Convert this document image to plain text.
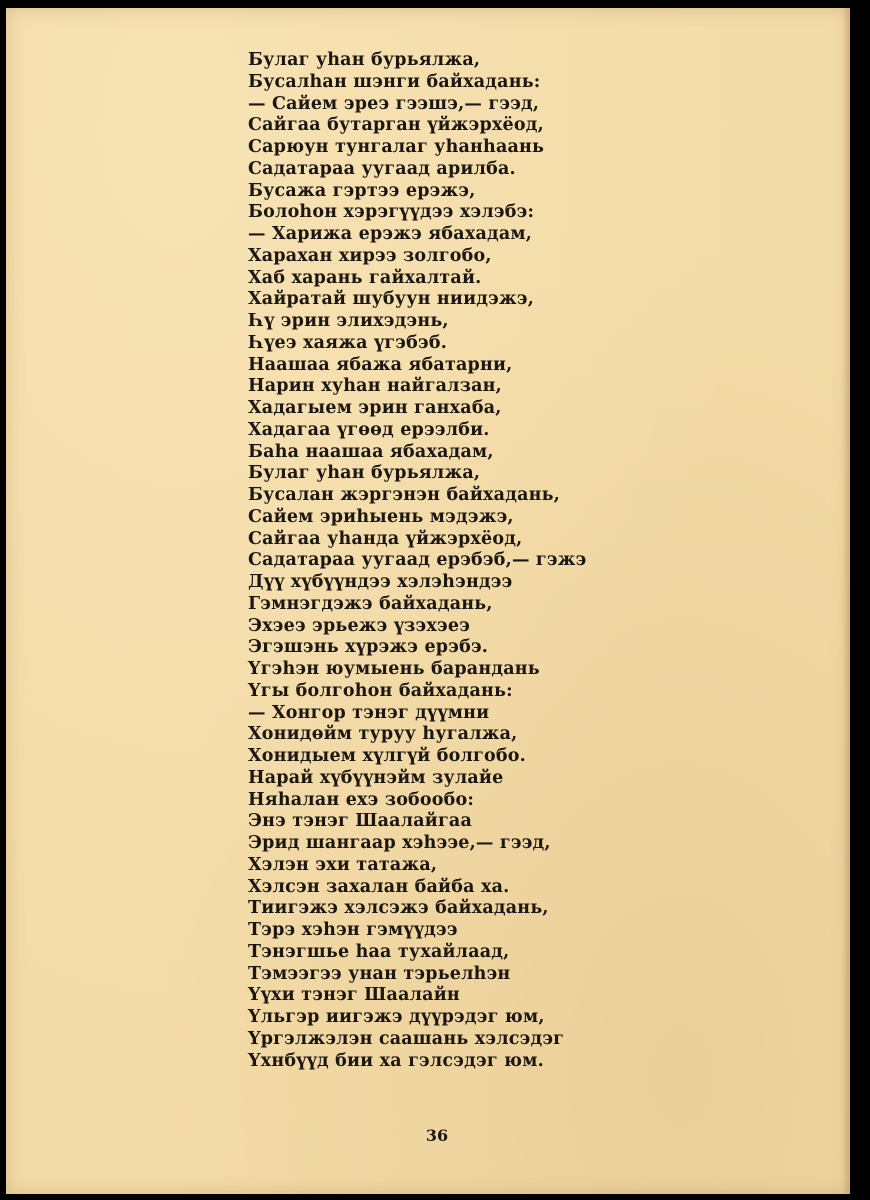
Булаг уһан бурьялжа,
Бусалһан шэнги байхадань:
— Сайем эреэ гээшэ,— гээд,
Сайгаа бутарган үйжэрхёод,
Сарюун тунгалаг уһанһаань
Садатараа уугаад арилба.
Бусажа гэртээ ерэжэ,
Болоһон хэрэгүүдээ хэлэбэ:
— Харижа ерэжэ ябахадам,
Харахан хирээ золгобо,
Хаб харань гайхалтай.
Хайратай шубуун ниидэжэ,
Һү эрин элихэдэнь,
Һүеэ хаяжа үгэбэб.
Наашаа ябажа ябатарни,
Нарин хуһан найгалзан,
Хадагыем эрин ганхаба,
Хадагаа үгөөд ерээлби.
Баһа наашаа ябахадам,
Булаг уһан бурьялжа,
Бусалан жэргэнэн байхадань,
Сайем эриһыень мэдэжэ,
Сайгаа уһанда үйжэрхёод,
Садатараа уугаад ерэбэб,— гэжэ
Дүү хүбүүндээ хэлэһэндээ
Гэмнэгдэжэ байхадань,
Эхэеэ эрьежэ үзэхэеэ
Эгэшэнь хүрэжэ ерэбэ.
Үгэһэн юумыень барандань
Үгы болгоһон байхадань:
— Хонгор тэнэг дүүмни
Хонидөйм туруу һугалжа,
Хонидыем хүлгүй болгобо.
Нарай хүбүүнэйм зулайе
Няһалан ехэ зобообо:
Энэ тэнэг Шаалайгаа
Эрид шангаар хэһээе,— гээд,
Хэлэн эхи татажа,
Хэлсэн захалан байба ха.
Тиигэжэ хэлсэжэ байхадань,
Тэрэ хэһэн гэмүүдээ
Тэнэгшье һаа тухайлаад,
Тэмээгээ унан тэрьелһэн
Үүхи тэнэг Шаалайн
Үльгэр иигэжэ дүүрэдэг юм,
Үргэлжэлэн саашань хэлсэдэг
Үхнбүүд бии ха гэлсэдэг юм.
36
